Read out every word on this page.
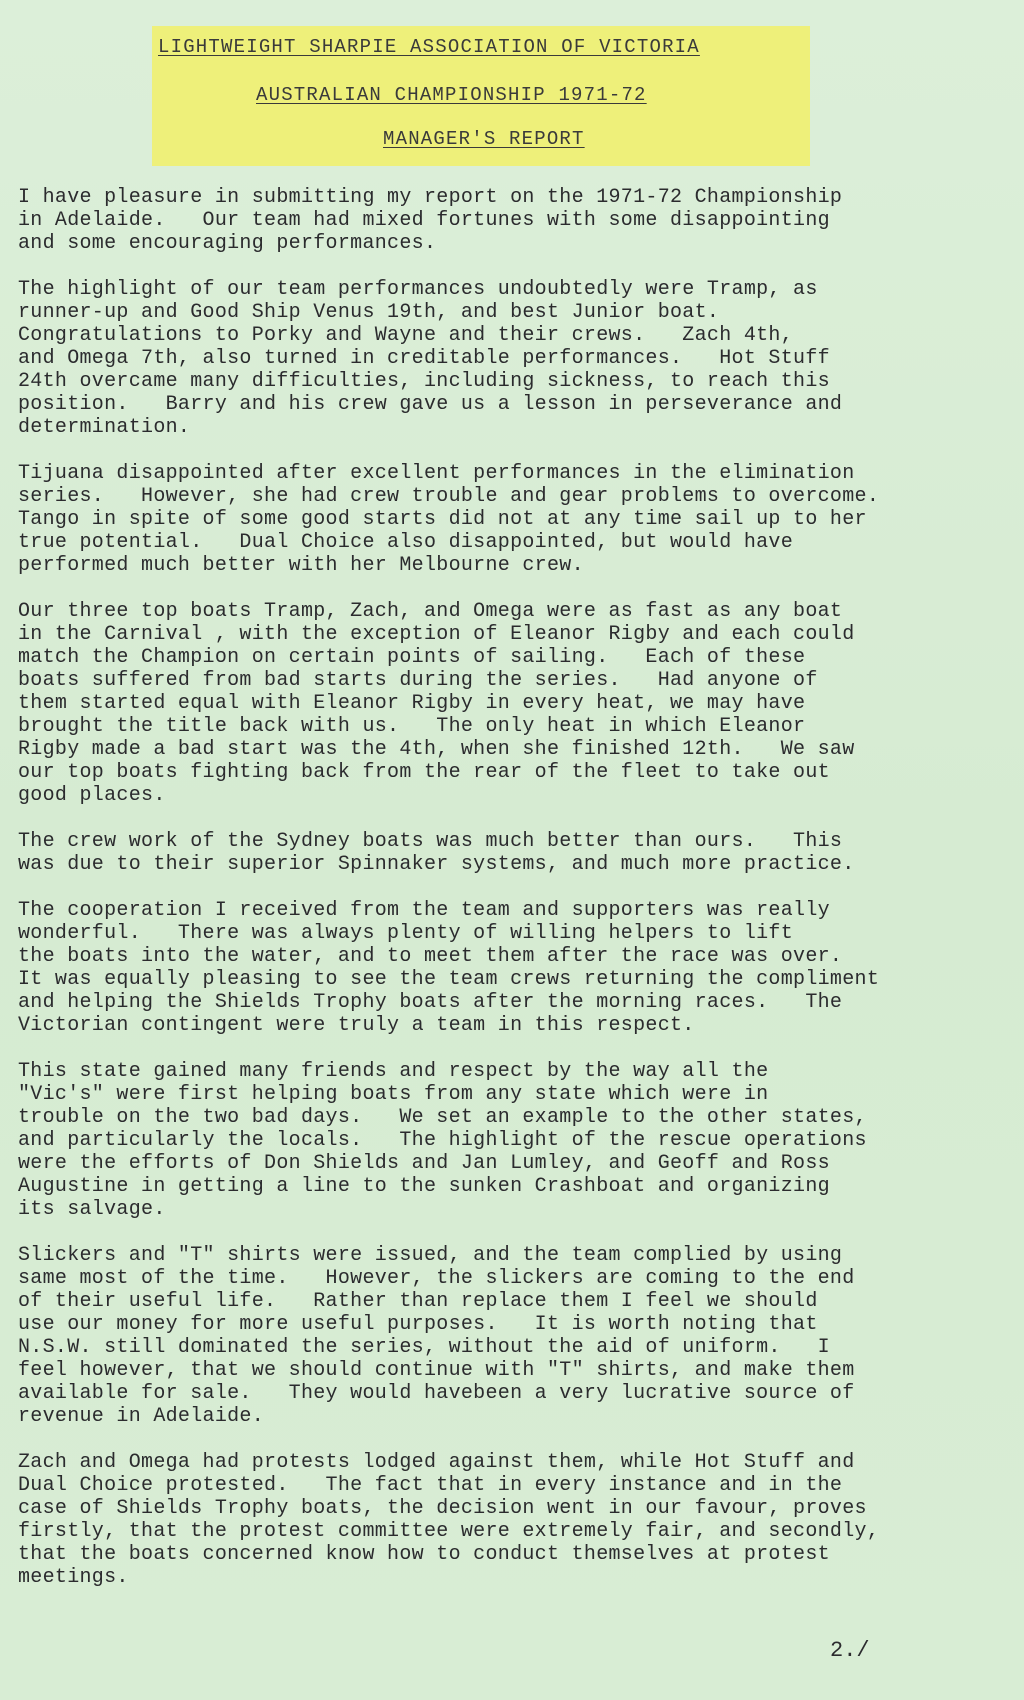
LIGHTWEIGHT SHARPIE ASSOCIATION OF VICTORIA
AUSTRALIAN CHAMPIONSHIP 1971-72
MANAGER'S REPORT
I have pleasure in submitting my report on the 1971-72 Championship
in Adelaide.   Our team had mixed fortunes with some disappointing
and some encouraging performances.
The highlight of our team performances undoubtedly were Tramp, as
runner-up and Good Ship Venus 19th, and best Junior boat.
Congratulations to Porky and Wayne and their crews.   Zach 4th,
and Omega 7th, also turned in creditable performances.   Hot Stuff
24th overcame many difficulties, including sickness, to reach this
position.   Barry and his crew gave us a lesson in perseverance and
determination.
Tijuana disappointed after excellent performances in the elimination
series.   However, she had crew trouble and gear problems to overcome.
Tango in spite of some good starts did not at any time sail up to her
true potential.   Dual Choice also disappointed, but would have
performed much better with her Melbourne crew.
Our three top boats Tramp, Zach, and Omega were as fast as any boat
in the Carnival , with the exception of Eleanor Rigby and each could
match the Champion on certain points of sailing.   Each of these
boats suffered from bad starts during the series.   Had anyone of
them started equal with Eleanor Rigby in every heat, we may have
brought the title back with us.   The only heat in which Eleanor
Rigby made a bad start was the 4th, when she finished 12th.   We saw
our top boats fighting back from the rear of the fleet to take out
good places.
The crew work of the Sydney boats was much better than ours.   This
was due to their superior Spinnaker systems, and much more practice.
The cooperation I received from the team and supporters was really
wonderful.   There was always plenty of willing helpers to lift
the boats into the water, and to meet them after the race was over.
It was equally pleasing to see the team crews returning the compliment
and helping the Shields Trophy boats after the morning races.   The
Victorian contingent were truly a team in this respect.
This state gained many friends and respect by the way all the
"Vic's" were first helping boats from any state which were in
trouble on the two bad days.   We set an example to the other states,
and particularly the locals.   The highlight of the rescue operations
were the efforts of Don Shields and Jan Lumley, and Geoff and Ross
Augustine in getting a line to the sunken Crashboat and organizing
its salvage.
Slickers and "T" shirts were issued, and the team complied by using
same most of the time.   However, the slickers are coming to the end
of their useful life.   Rather than replace them I feel we should
use our money for more useful purposes.   It is worth noting that
N.S.W. still dominated the series, without the aid of uniform.   I
feel however, that we should continue with "T" shirts, and make them
available for sale.   They would havebeen a very lucrative source of
revenue in Adelaide.
Zach and Omega had protests lodged against them, while Hot Stuff and
Dual Choice protested.   The fact that in every instance and in the
case of Shields Trophy boats, the decision went in our favour, proves
firstly, that the protest committee were extremely fair, and secondly,
that the boats concerned know how to conduct themselves at protest
meetings.
2./
